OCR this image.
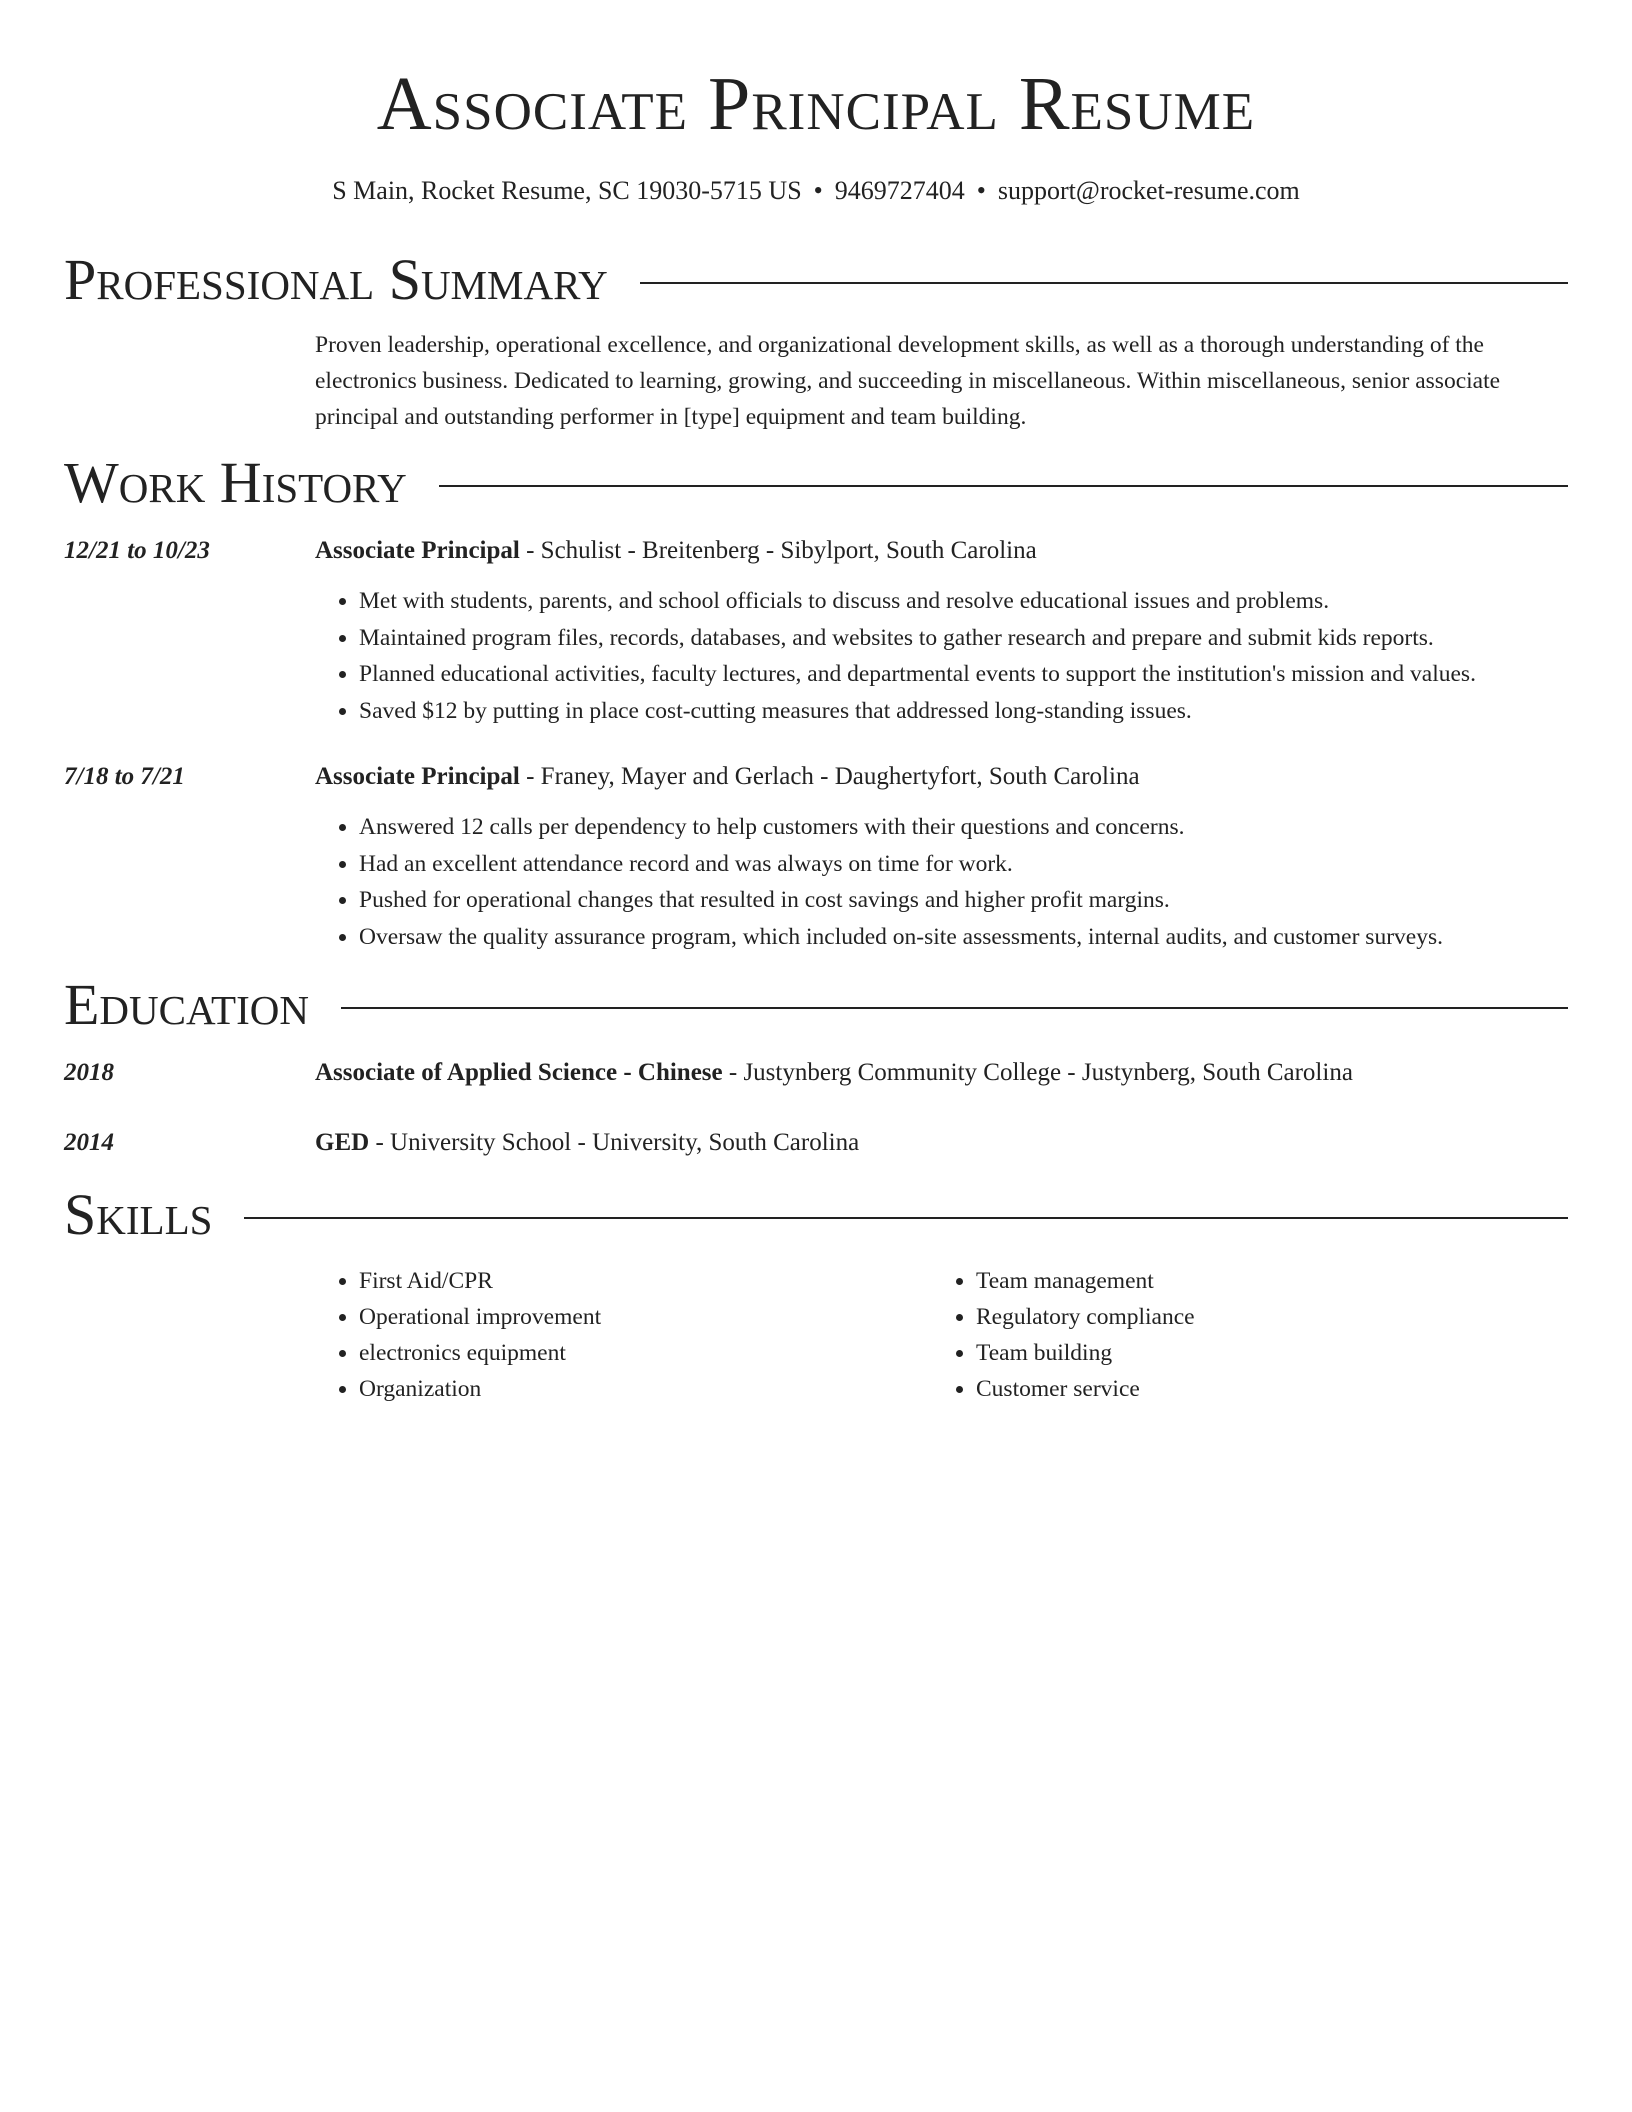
Associate Principal Resume
S Main, Rocket Resume, SC 19030-5715 US • 9469727404 • support@rocket-resume.com
Professional Summary
Proven leadership, operational excellence, and organizational development skills, as well as a thorough understanding of the electronics business. Dedicated to learning, growing, and succeeding in miscellaneous. Within miscellaneous, senior associate principal and outstanding performer in [type] equipment and team building.
Work History
12/21 to 10/23	Associate Principal - Schulist - Breitenberg - Sibylport, South Carolina
• Met with students, parents, and school officials to discuss and resolve educational issues and problems.
• Maintained program files, records, databases, and websites to gather research and prepare and submit kids reports.
• Planned educational activities, faculty lectures, and departmental events to support the institution's mission and values.
• Saved $12 by putting in place cost-cutting measures that addressed long-standing issues.
7/18 to 7/21	Associate Principal - Franey, Mayer and Gerlach - Daughertyfort, South Carolina
• Answered 12 calls per dependency to help customers with their questions and concerns.
• Had an excellent attendance record and was always on time for work.
• Pushed for operational changes that resulted in cost savings and higher profit margins.
• Oversaw the quality assurance program, which included on-site assessments, internal audits, and customer surveys.
Education
2018	Associate of Applied Science - Chinese - Justynberg Community College - Justynberg, South Carolina
2014	GED - University School - University, South Carolina
Skills
• First Aid/CPR
• Operational improvement
• electronics equipment
• Organization
• Team management
• Regulatory compliance
• Team building
• Customer service
